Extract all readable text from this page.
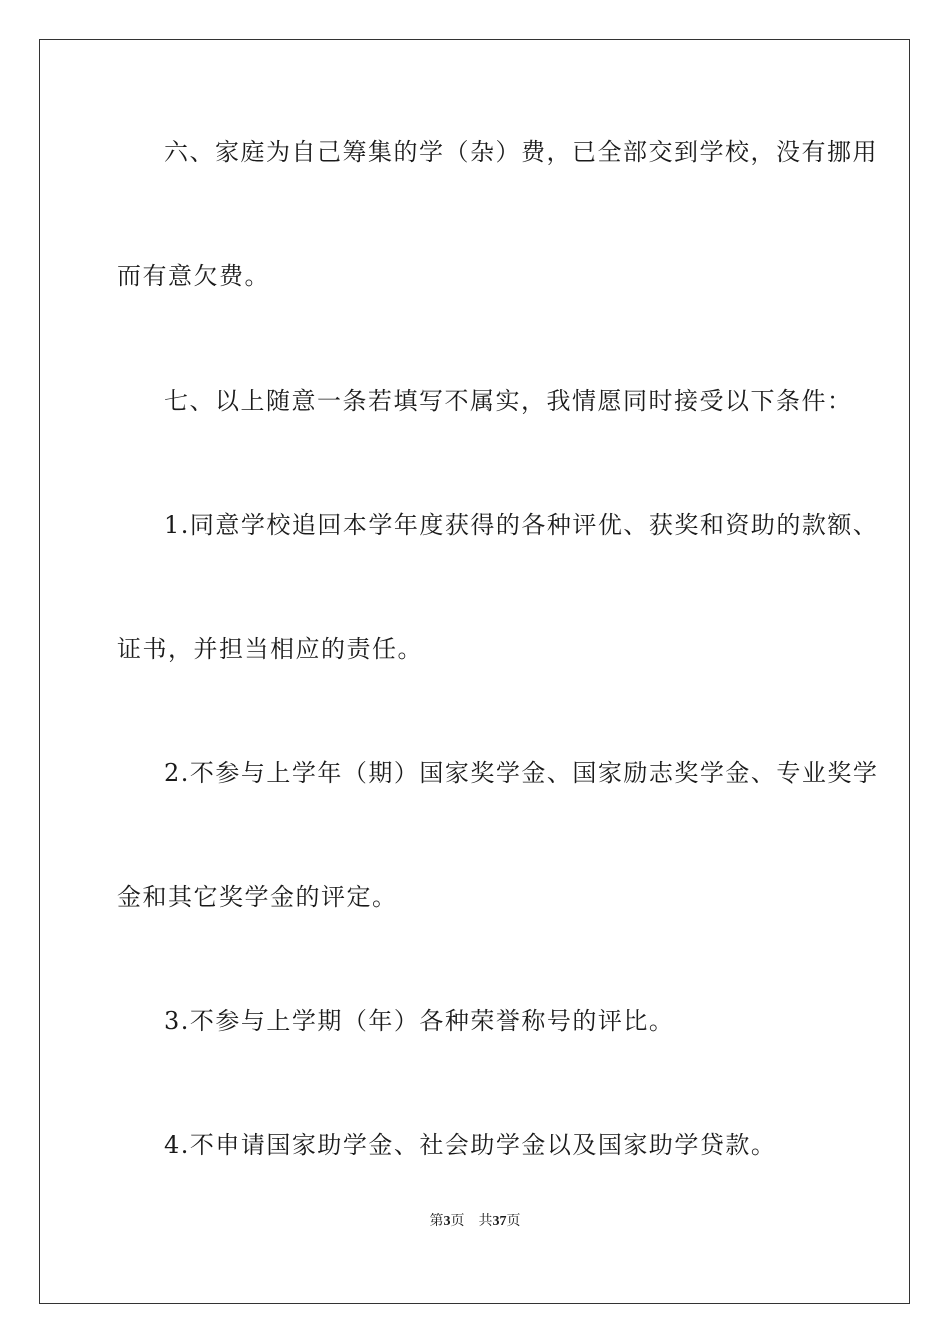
六、家庭为自己筹集的学（杂）费，已全部交到学校，没有挪用

而有意欠费。

七、以上随意一条若填写不属实，我情愿同时接受以下条件：

1.同意学校追回本学年度获得的各种评优、获奖和资助的款额、

证书，并担当相应的责任。

2.不参与上学年（期）国家奖学金、国家励志奖学金、专业奖学

金和其它奖学金的评定。

3.不参与上学期（年）各种荣誉称号的评比。

4.不申请国家助学金、社会助学金以及国家助学贷款。

第3页 共37页
